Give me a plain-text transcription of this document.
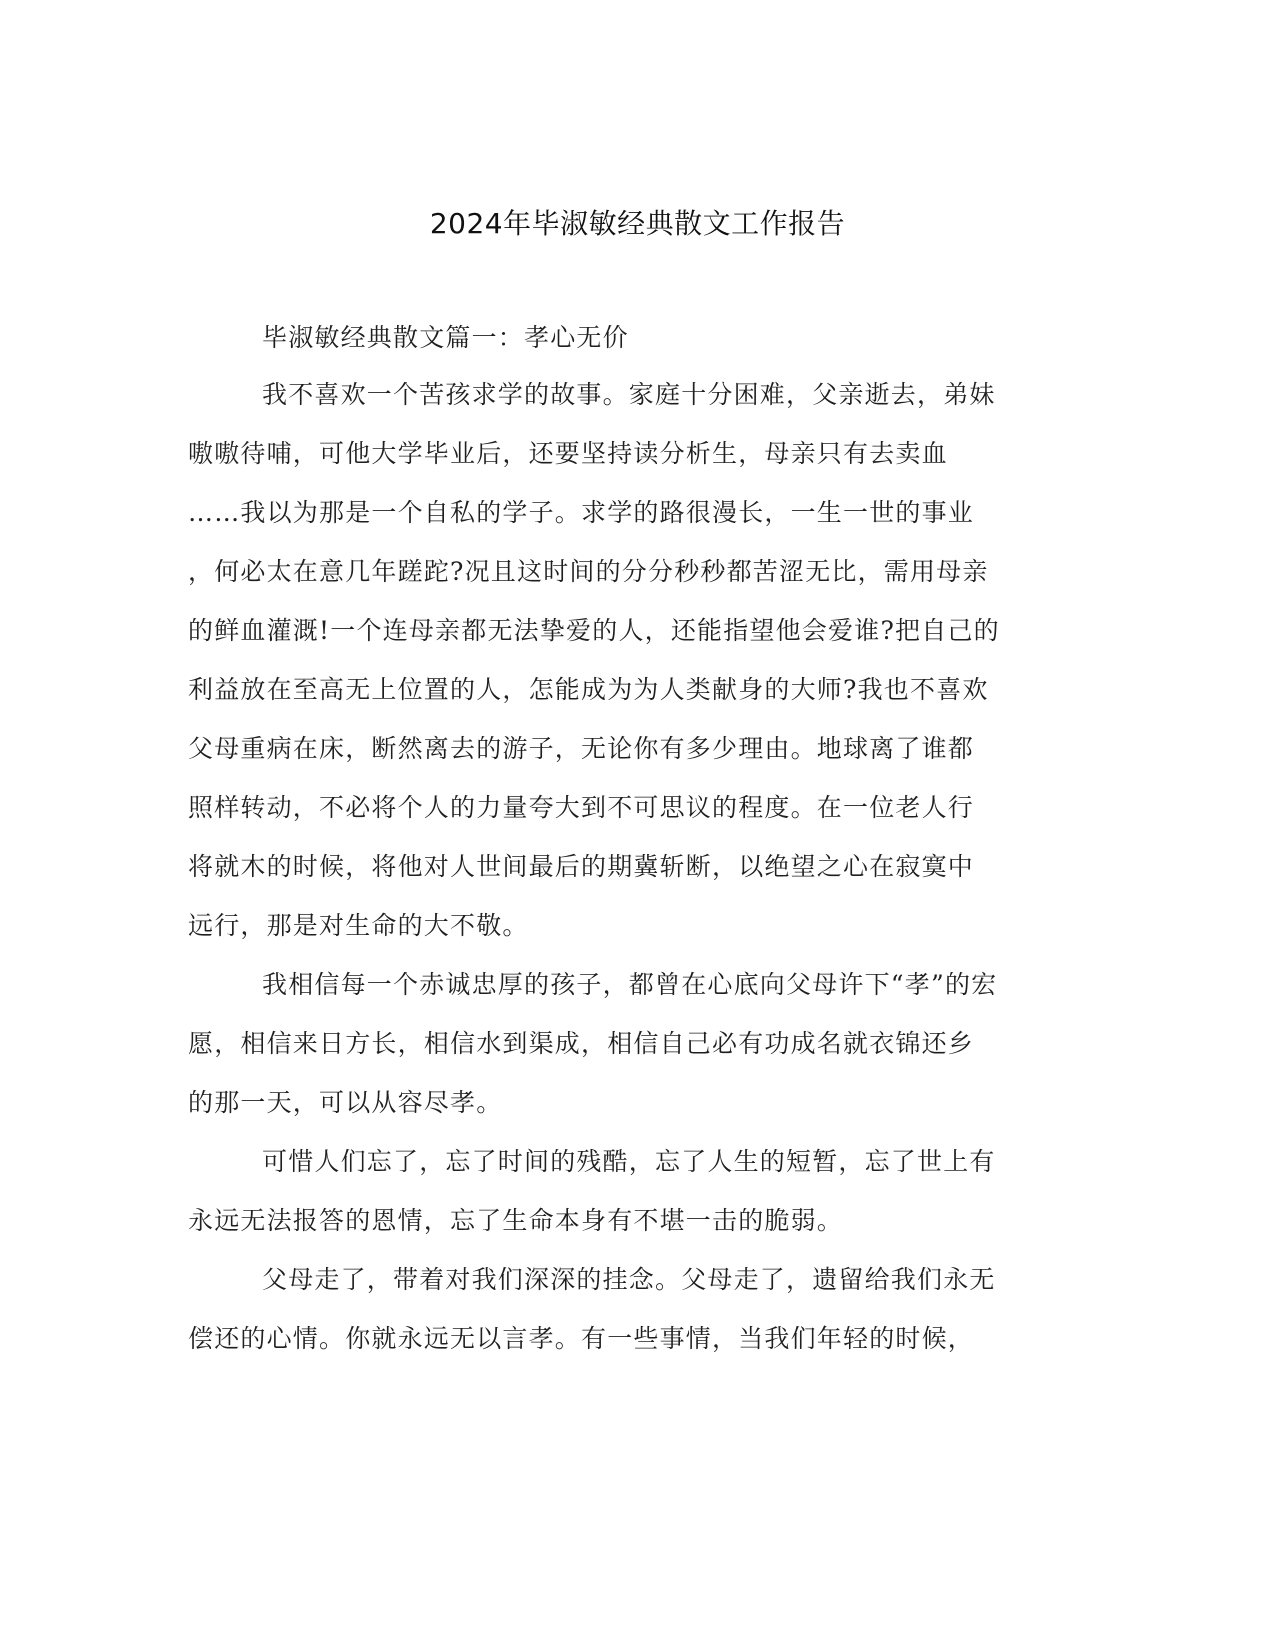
2024年毕淑敏经典散文工作报告
毕淑敏经典散文篇一：孝心无价
我不喜欢一个苦孩求学的故事。家庭十分困难，父亲逝去，弟妹
嗷嗷待哺，可他大学毕业后，还要坚持读分析生，母亲只有去卖血
……我以为那是一个自私的学子。求学的路很漫长，一生一世的事业
，何必太在意几年蹉跎?况且这时间的分分秒秒都苦涩无比，需用母亲
的鲜血灌溉!一个连母亲都无法挚爱的人，还能指望他会爱谁?把自己的
利益放在至高无上位置的人，怎能成为为人类献身的大师?我也不喜欢
父母重病在床，断然离去的游子，无论你有多少理由。地球离了谁都
照样转动，不必将个人的力量夸大到不可思议的程度。在一位老人行
将就木的时候，将他对人世间最后的期冀斩断，以绝望之心在寂寞中
远行，那是对生命的大不敬。
我相信每一个赤诚忠厚的孩子，都曾在心底向父母许下“孝”的宏
愿，相信来日方长，相信水到渠成，相信自己必有功成名就衣锦还乡
的那一天，可以从容尽孝。
可惜人们忘了，忘了时间的残酷，忘了人生的短暂，忘了世上有
永远无法报答的恩情，忘了生命本身有不堪一击的脆弱。
父母走了，带着对我们深深的挂念。父母走了，遗留给我们永无
偿还的心情。你就永远无以言孝。有一些事情，当我们年轻的时候，
